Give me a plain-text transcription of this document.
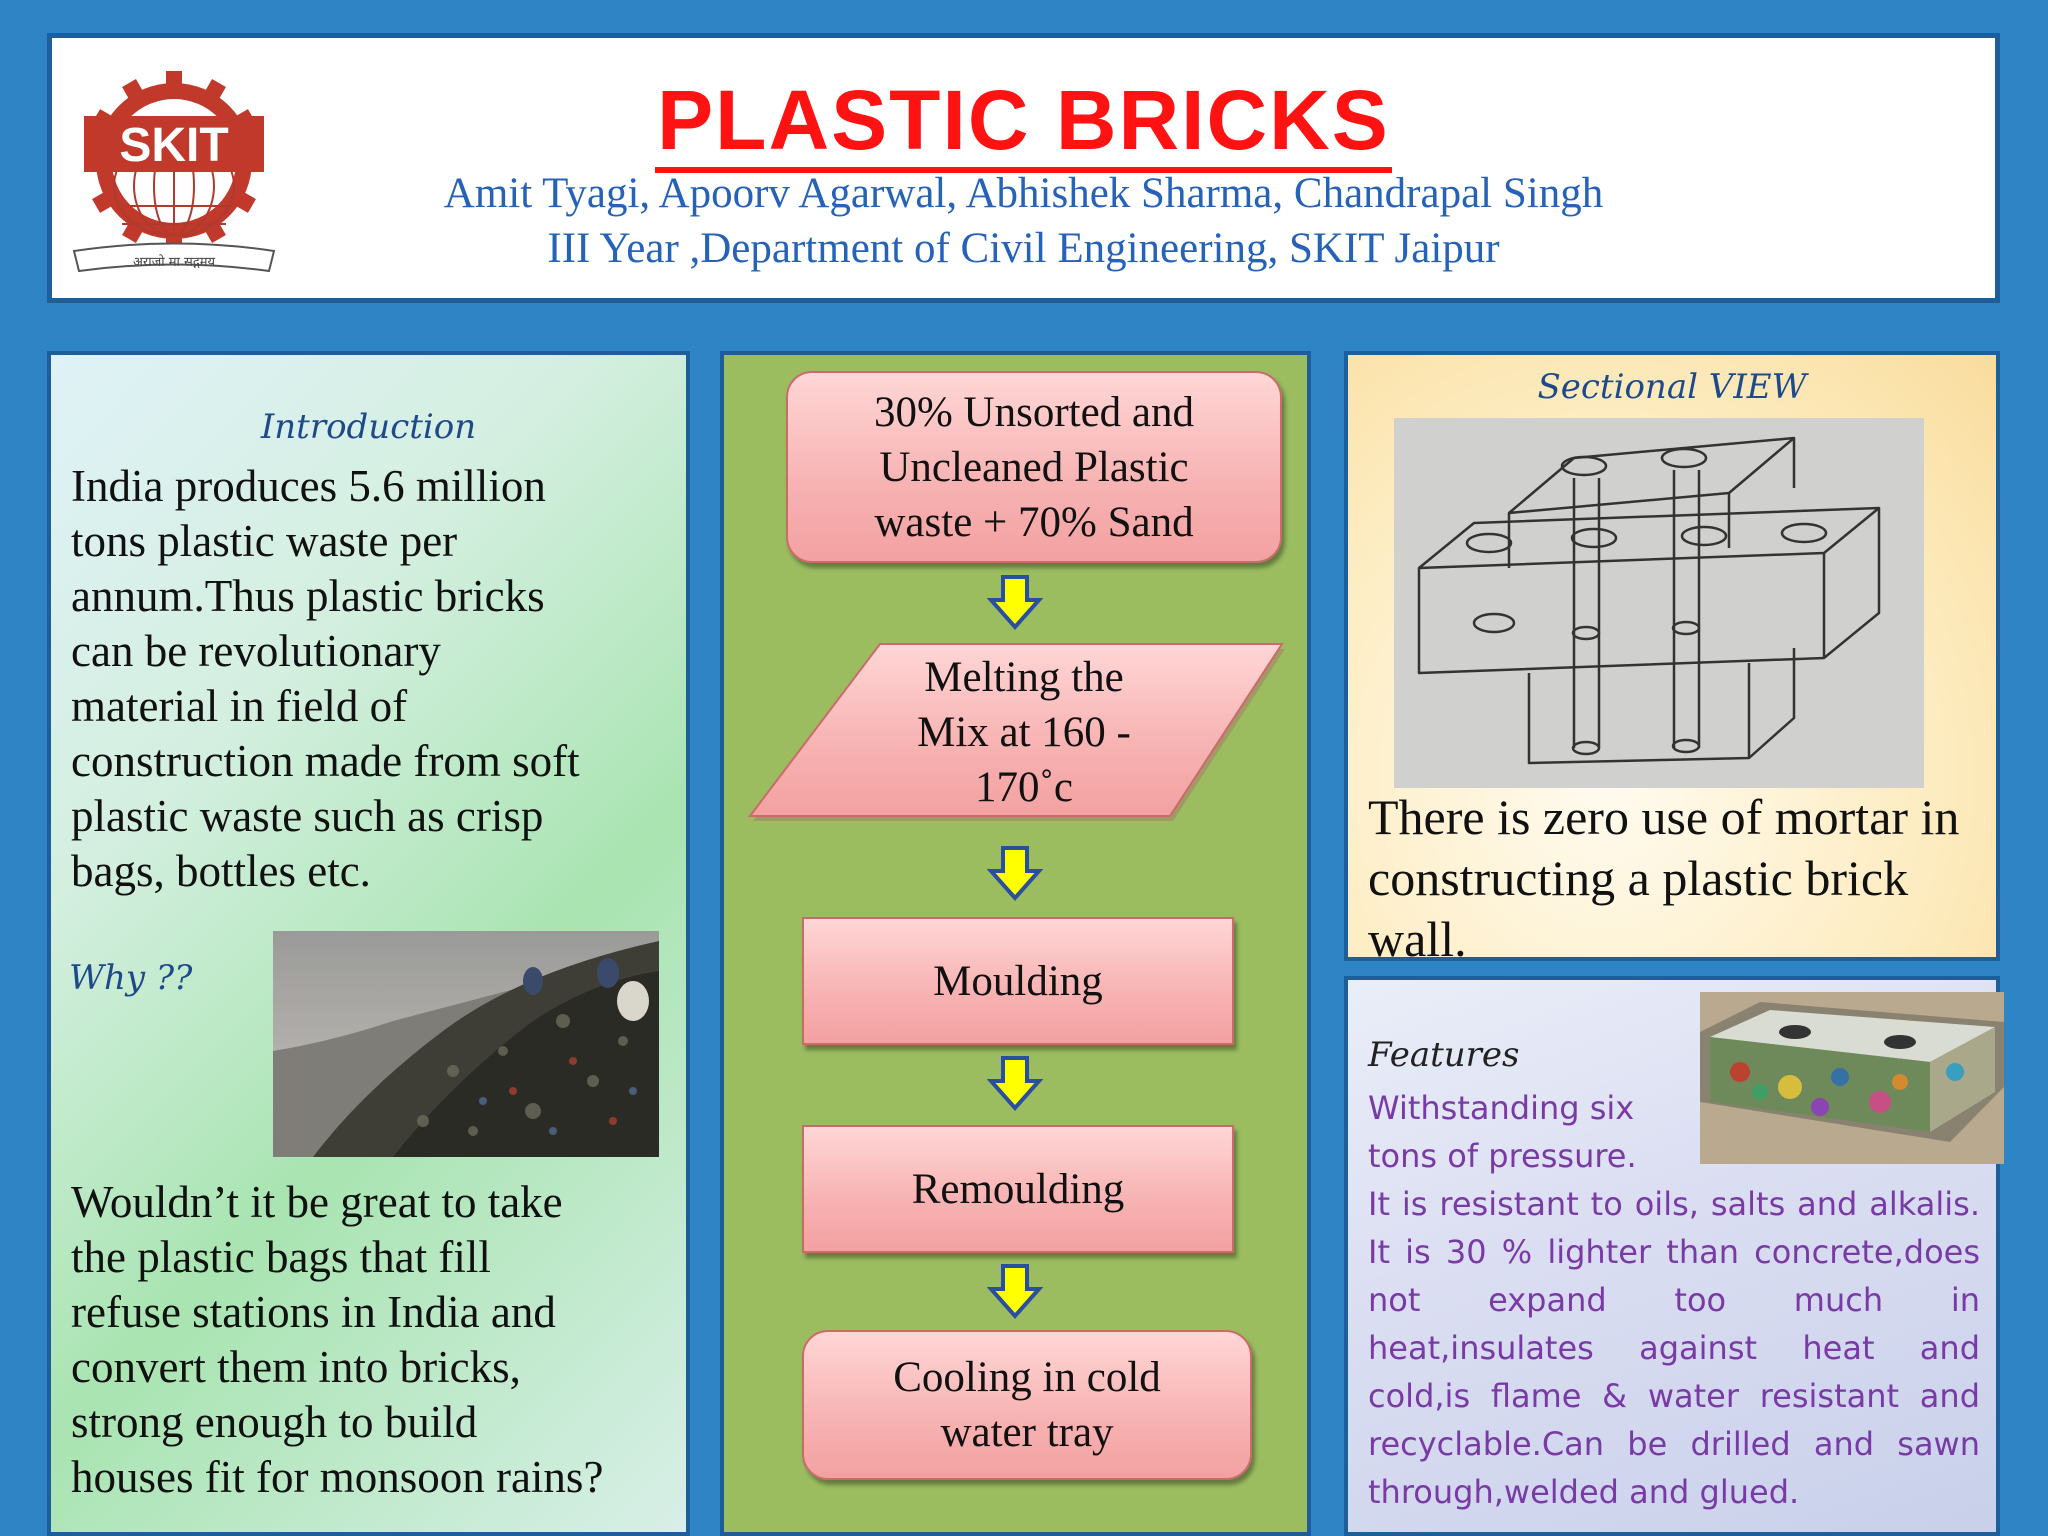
SKIT
अराजो मा सद्गमय
PLASTIC BRICKS
Amit Tyagi, Apoorv Agarwal, Abhishek Sharma, Chandrapal Singh
III Year ,Department of Civil Engineering, SKIT Jaipur
Introduction
India produces 5.6 million
tons plastic waste per
annum.Thus plastic bricks
can be revolutionary
material in field of
construction made from soft
plastic waste such as crisp
bags, bottles etc.
Why ??
Wouldn’t it be great to take
the plastic bags that fill
refuse stations in India and
convert them into bricks,
strong enough to build
houses fit for monsoon rains?
30% Unsorted and
Uncleaned Plastic
waste + 70% Sand
Melting the
Mix at 160 -
170˚c
Moulding
Remoulding
Cooling in cold
water tray
Sectional VIEW
There is zero use of mortar in constructing a plastic brick wall.
Features
Withstanding six tons of pressure.
It is resistant to oils, salts and alkalis. It is 30 % lighter than concrete,does not expand too much in heat,insulates against heat and cold,is flame & water resistant and recyclable.Can be drilled and sawn through,welded and glued.
